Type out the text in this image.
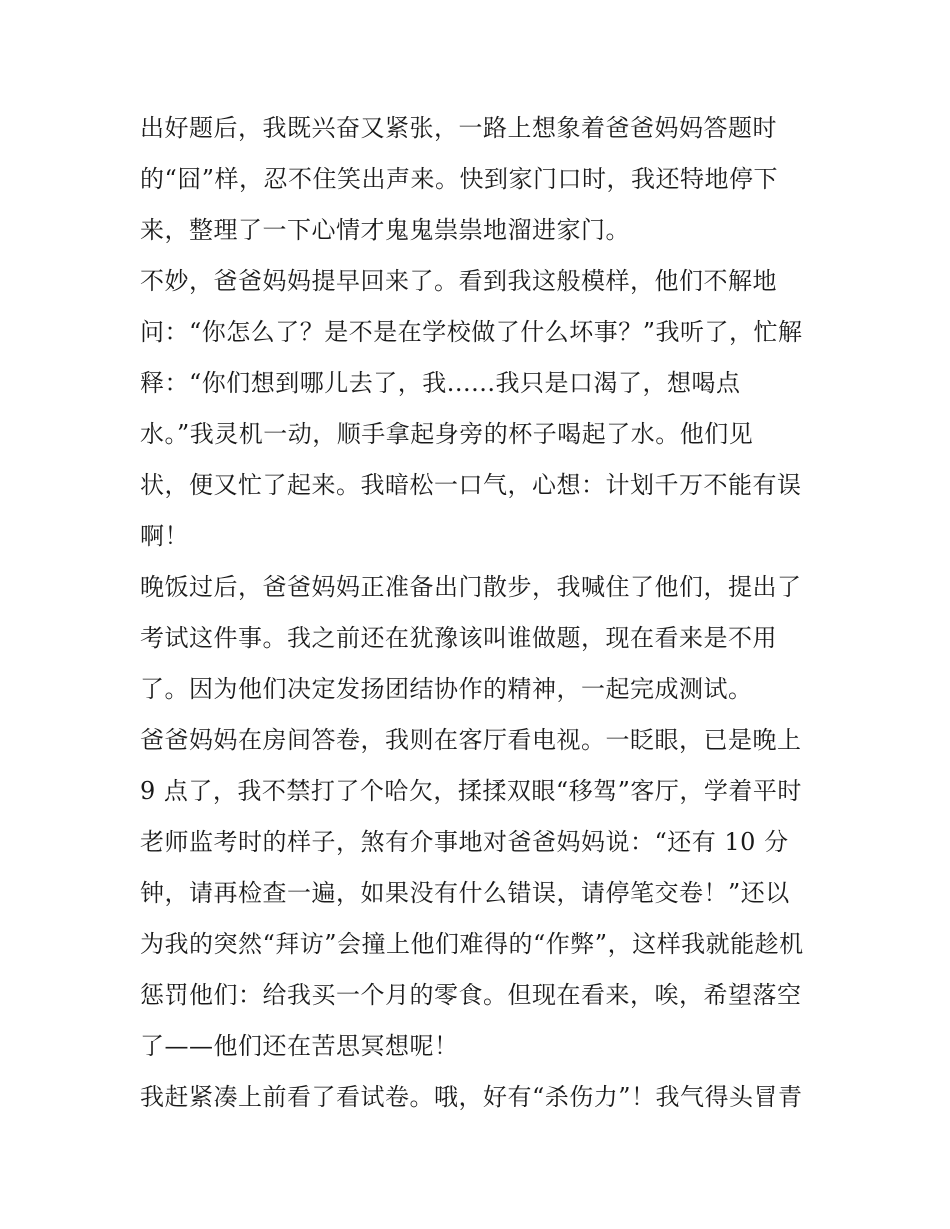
出好题后，我既兴奋又紧张，一路上想象着爸爸妈妈答题时
的“囧”样，忍不住笑出声来。快到家门口时，我还特地停下
来，整理了一下心情才鬼鬼祟祟地溜进家门。
不妙，爸爸妈妈提早回来了。看到我这般模样，他们不解地
问：“你怎么了？是不是在学校做了什么坏事？”我听了，忙解
释：“你们想到哪儿去了，我......我只是口渴了，想喝点
水。”我灵机一动，顺手拿起身旁的杯子喝起了水。他们见
状，便又忙了起来。我暗松一口气，心想：计划千万不能有误
啊！
晚饭过后，爸爸妈妈正准备出门散步，我喊住了他们，提出了
考试这件事。我之前还在犹豫该叫谁做题，现在看来是不用
了。因为他们决定发扬团结协作的精神，一起完成测试。
爸爸妈妈在房间答卷，我则在客厅看电视。一眨眼，已是晚上
9 点了，我不禁打了个哈欠，揉揉双眼“移驾”客厅，学着平时
老师监考时的样子，煞有介事地对爸爸妈妈说：“还有 10 分
钟，请再检查一遍，如果没有什么错误，请停笔交卷！”还以
为我的突然“拜访”会撞上他们难得的“作弊”，这样我就能趁机
惩罚他们：给我买一个月的零食。但现在看来，唉，希望落空
了——他们还在苦思冥想呢！
我赶紧凑上前看了看试卷。哦，好有“杀伤力”！我气得头冒青
